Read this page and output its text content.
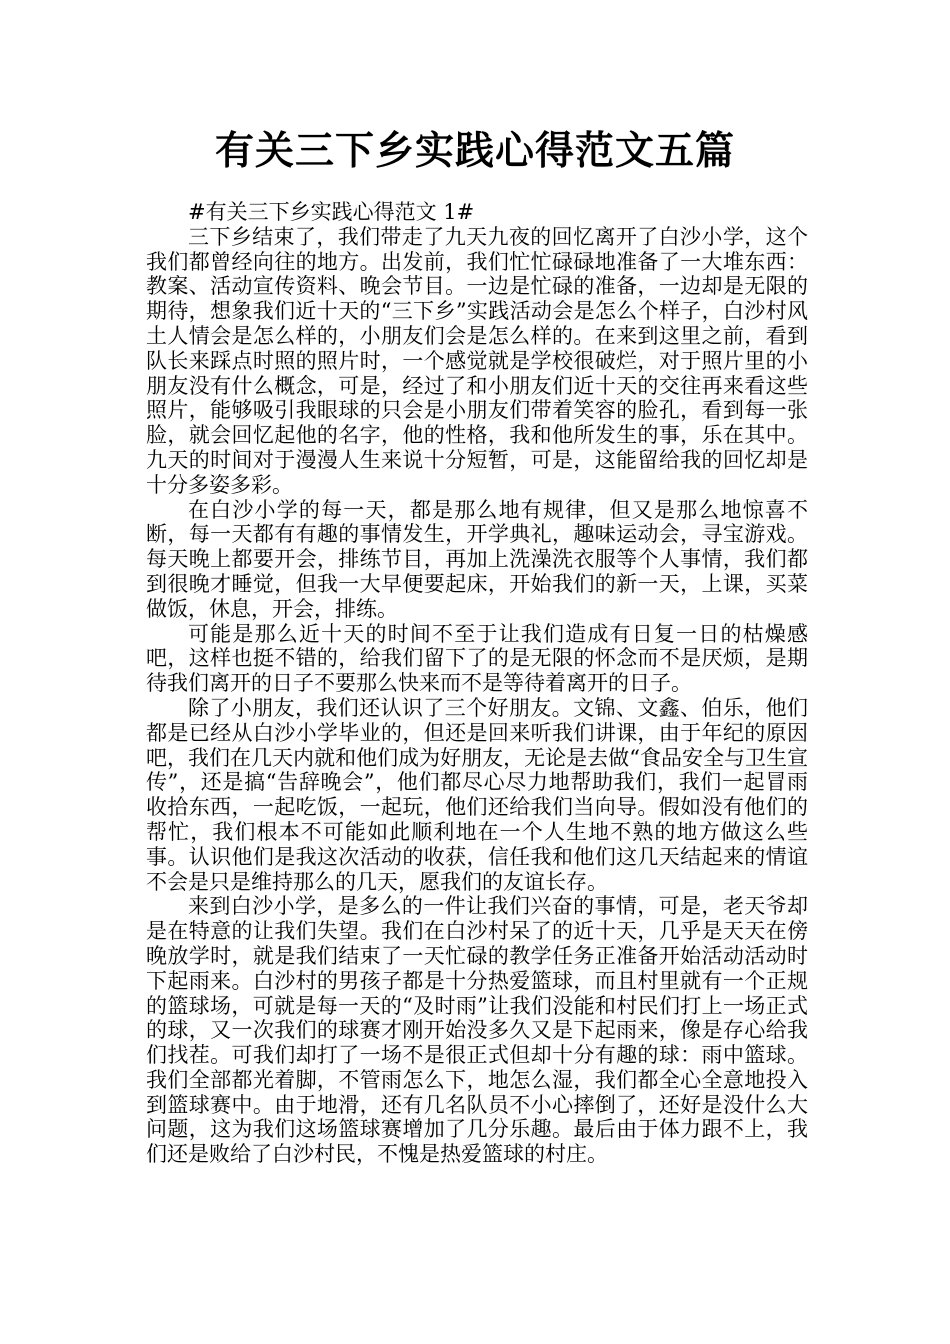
有关三下乡实践心得范文五篇

#有关三下乡实践心得范文 1#

三下乡结束了，我们带走了九天九夜的回忆离开了白沙小学，这个我们都曾经向往的地方。出发前，我们忙忙碌碌地准备了一大堆东西：教案、活动宣传资料、晚会节目。一边是忙碌的准备，一边却是无限的期待，想象我们近十天的“三下乡”实践活动会是怎么个样子，白沙村风土人情会是怎么样的，小朋友们会是怎么样的。在来到这里之前，看到队长来踩点时照的照片时，一个感觉就是学校很破烂，对于照片里的小朋友没有什么概念，可是，经过了和小朋友们近十天的交往再来看这些照片，能够吸引我眼球的只会是小朋友们带着笑容的脸孔，看到每一张脸，就会回忆起他的名字，他的性格，我和他所发生的事，乐在其中。九天的时间对于漫漫人生来说十分短暂，可是，这能留给我的回忆却是十分多姿多彩。

在白沙小学的每一天，都是那么地有规律，但又是那么地惊喜不断，每一天都有有趣的事情发生，开学典礼，趣味运动会，寻宝游戏。每天晚上都要开会，排练节目，再加上洗澡洗衣服等个人事情，我们都到很晚才睡觉，但我一大早便要起床，开始我们的新一天，上课，买菜做饭，休息，开会，排练。

可能是那么近十天的时间不至于让我们造成有日复一日的枯燥感吧，这样也挺不错的，给我们留下了的是无限的怀念而不是厌烦，是期待我们离开的日子不要那么快来而不是等待着离开的日子。

除了小朋友，我们还认识了三个好朋友。文锦、文鑫、伯乐，他们都是已经从白沙小学毕业的，但还是回来听我们讲课，由于年纪的原因吧，我们在几天内就和他们成为好朋友，无论是去做“食品安全与卫生宣传”，还是搞“告辞晚会”，他们都尽心尽力地帮助我们，我们一起冒雨收拾东西，一起吃饭，一起玩，他们还给我们当向导。假如没有他们的帮忙，我们根本不可能如此顺利地在一个人生地不熟的地方做这么些事。认识他们是我这次活动的收获，信任我和他们这几天结起来的情谊不会是只是维持那么的几天，愿我们的友谊长存。

来到白沙小学，是多么的一件让我们兴奋的事情，可是，老天爷却是在特意的让我们失望。我们在白沙村呆了的近十天，几乎是天天在傍晚放学时，就是我们结束了一天忙碌的教学任务正准备开始活动活动时下起雨来。白沙村的男孩子都是十分热爱篮球，而且村里就有一个正规的篮球场，可就是每一天的“及时雨”让我们没能和村民们打上一场正式的球，又一次我们的球赛才刚开始没多久又是下起雨来，像是存心给我们找茬。可我们却打了一场不是很正式但却十分有趣的球：雨中篮球。我们全部都光着脚，不管雨怎么下，地怎么湿，我们都全心全意地投入到篮球赛中。由于地滑，还有几名队员不小心摔倒了，还好是没什么大问题，这为我们这场篮球赛增加了几分乐趣。最后由于体力跟不上，我们还是败给了白沙村民，不愧是热爱篮球的村庄。
